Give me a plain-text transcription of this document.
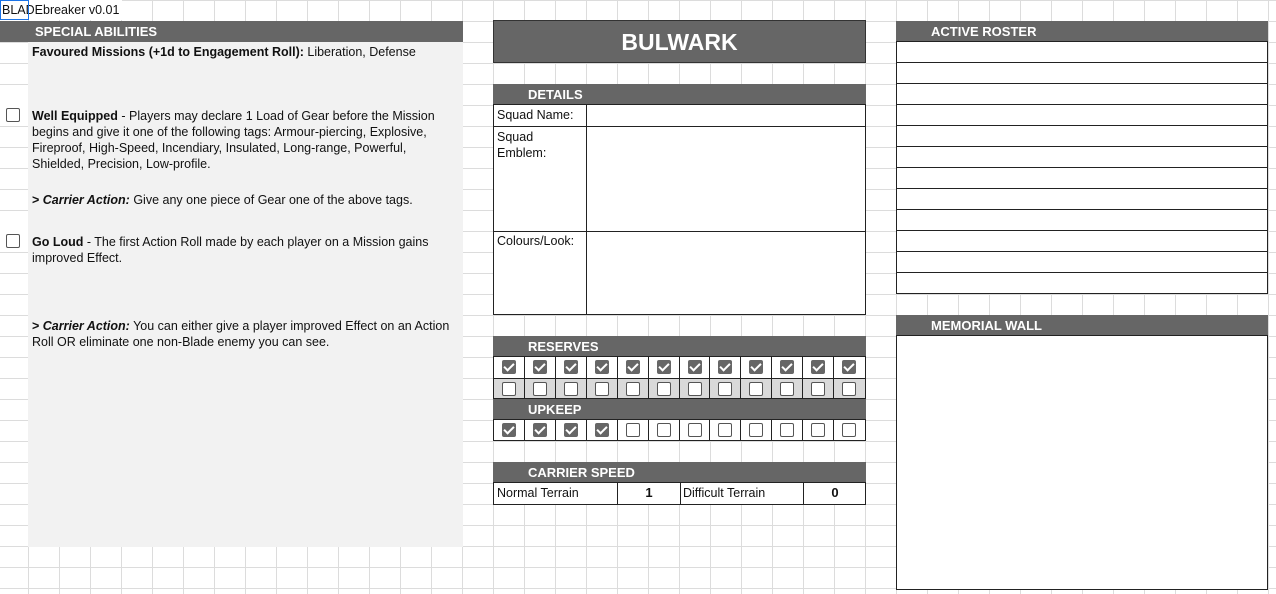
BLADEbreaker v0.01
SPECIAL ABILITIES
Favoured Missions (+1d to Engagement Roll): Liberation, Defense
Well Equipped - Players may declare 1 Load of Gear before the Mission begins and give it one of the following tags: Armour-piercing, Explosive, Fireproof, High-Speed, Incendiary, Insulated, Long-range, Powerful, Shielded, Precision, Low-profile.
> Carrier Action: Give any one piece of Gear one of the above tags.
Go Loud - The first Action Roll made by each player on a Mission gains improved Effect.
> Carrier Action: You can either give a player improved Effect on an Action Roll OR eliminate one non-Blade enemy you can see.
BULWARK
DETAILS
Squad Name:
Squad Emblem:
Colours/Look:
RESERVES
UPKEEP
CARRIER SPEED
Normal Terrain	1	Difficult Terrain	0
ACTIVE ROSTER
MEMORIAL WALL
